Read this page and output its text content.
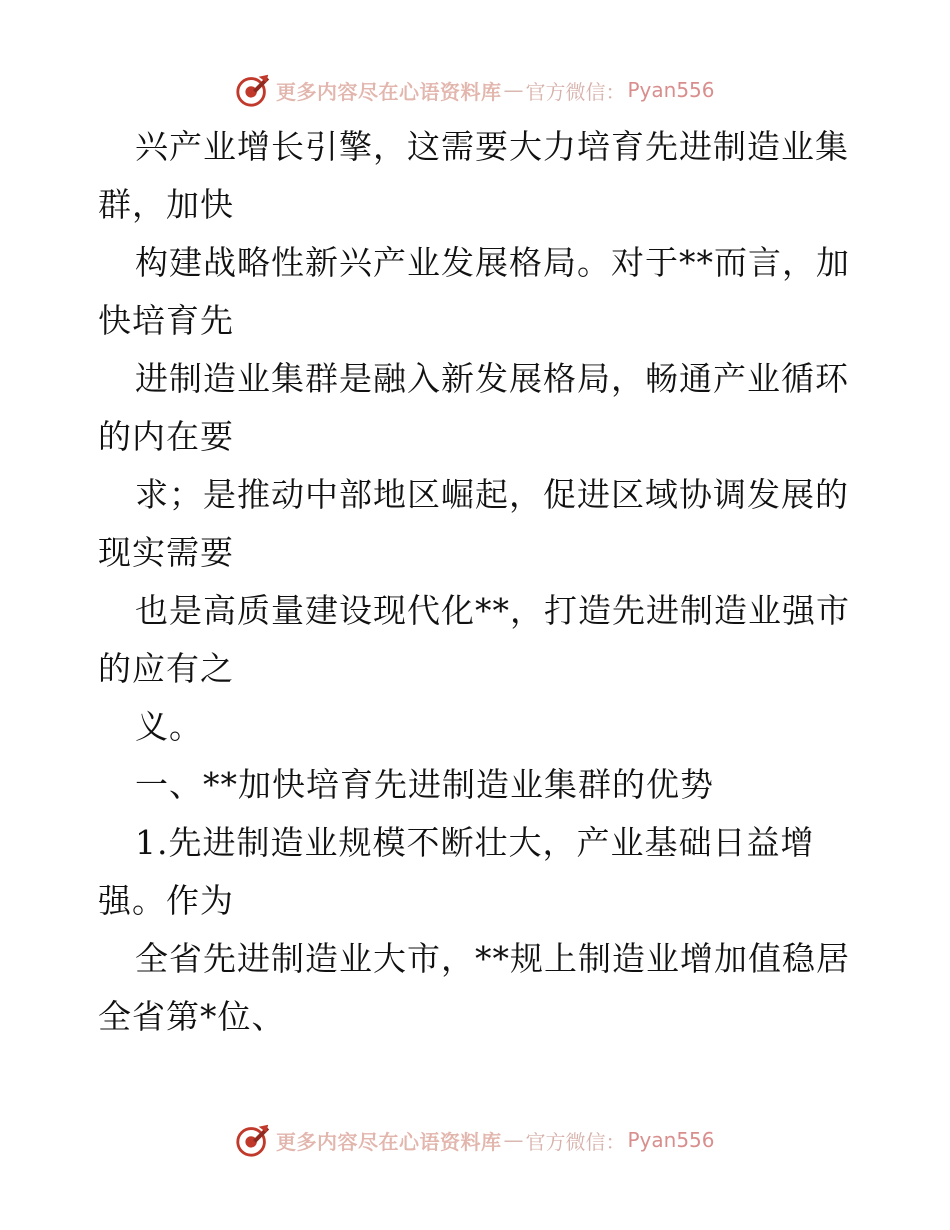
更多内容尽在心语资料库 — 官方微信： Pyan556
兴产业增长引擎，这需要大力培育先进制造业集
群，加快
构建战略性新兴产业发展格局。对于**而言，加
快培育先
进制造业集群是融入新发展格局，畅通产业循环
的内在要
求；是推动中部地区崛起，促进区域协调发展的
现实需要
也是高质量建设现代化**，打造先进制造业强市
的应有之
义。
一、**加快培育先进制造业集群的优势
1.先进制造业规模不断壮大，产业基础日益增
强。作为
全省先进制造业大市，**规上制造业增加值稳居
全省第*位、
更多内容尽在心语资料库 — 官方微信： Pyan556
